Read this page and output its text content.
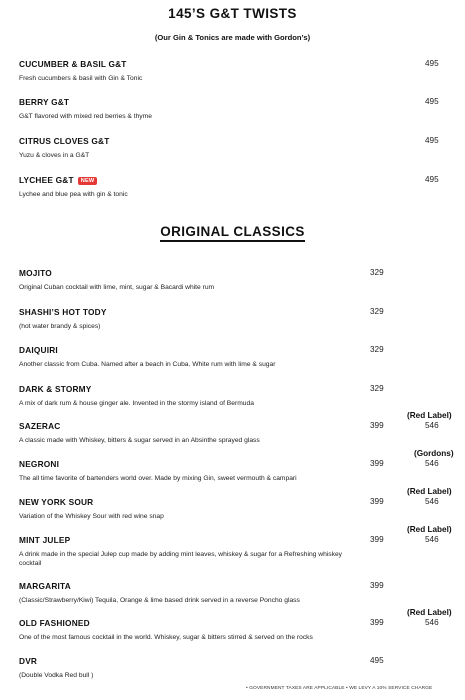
145’S G&T TWISTS

(Our Gin & Tonics are made with Gordon’s)

CUCUMBER & BASIL G&T
Fresh cucumbers & basil with Gin & Tonic
495
BERRY G&T
G&T flavored with mixed red berries & thyme
495
CITRUS CLOVES G&T
Yuzu & cloves in a G&T
495
LYCHEE G&T NEW
Lychee and blue pea with gin & tonic
495
ORIGINAL CLASSICS
MOJITO
Original Cuban cocktail with lime, mint, sugar & Bacardi white rum
329
SHASHI’S HOT TODY
(hot water brandy & spices)
329
DAIQUIRI
Another classic from Cuba. Named after a beach in Cuba. White rum with lime & sugar
329
DARK & STORMY
A mix of dark rum & house ginger ale. Invented in the stormy island of Bermuda
329
SAZERAC
A classic made with Whiskey, bitters & sugar served in an Absinthe sprayed glass
399
(Red Label)
546
NEGRONI
The all time favorite of bartenders world over. Made by mixing Gin, sweet vermouth & campari
399
(Gordons)
546
NEW YORK SOUR
Variation of the Whiskey Sour with red wine snap
399
(Red Label)
546
MINT JULEP
A drink made in the special Julep cup made by adding mint leaves, whiskey & sugar for a Refreshing whiskey cocktail
399
(Red Label)
546
MARGARITA
(Classic/Strawberry/Kiwi) Tequila, Orange & lime based drink served in a reverse Poncho glass
399
OLD FASHIONED
One of the most famous cocktail in the world. Whiskey, sugar & bitters stirred & served on the rocks
399
(Red Label)
546
DVR
(Double Vodka Red bull )
495
• GOVERNMENT TAXES ARE APPLICABLE • WE LEVY A 10% SERVICE CHARGE
